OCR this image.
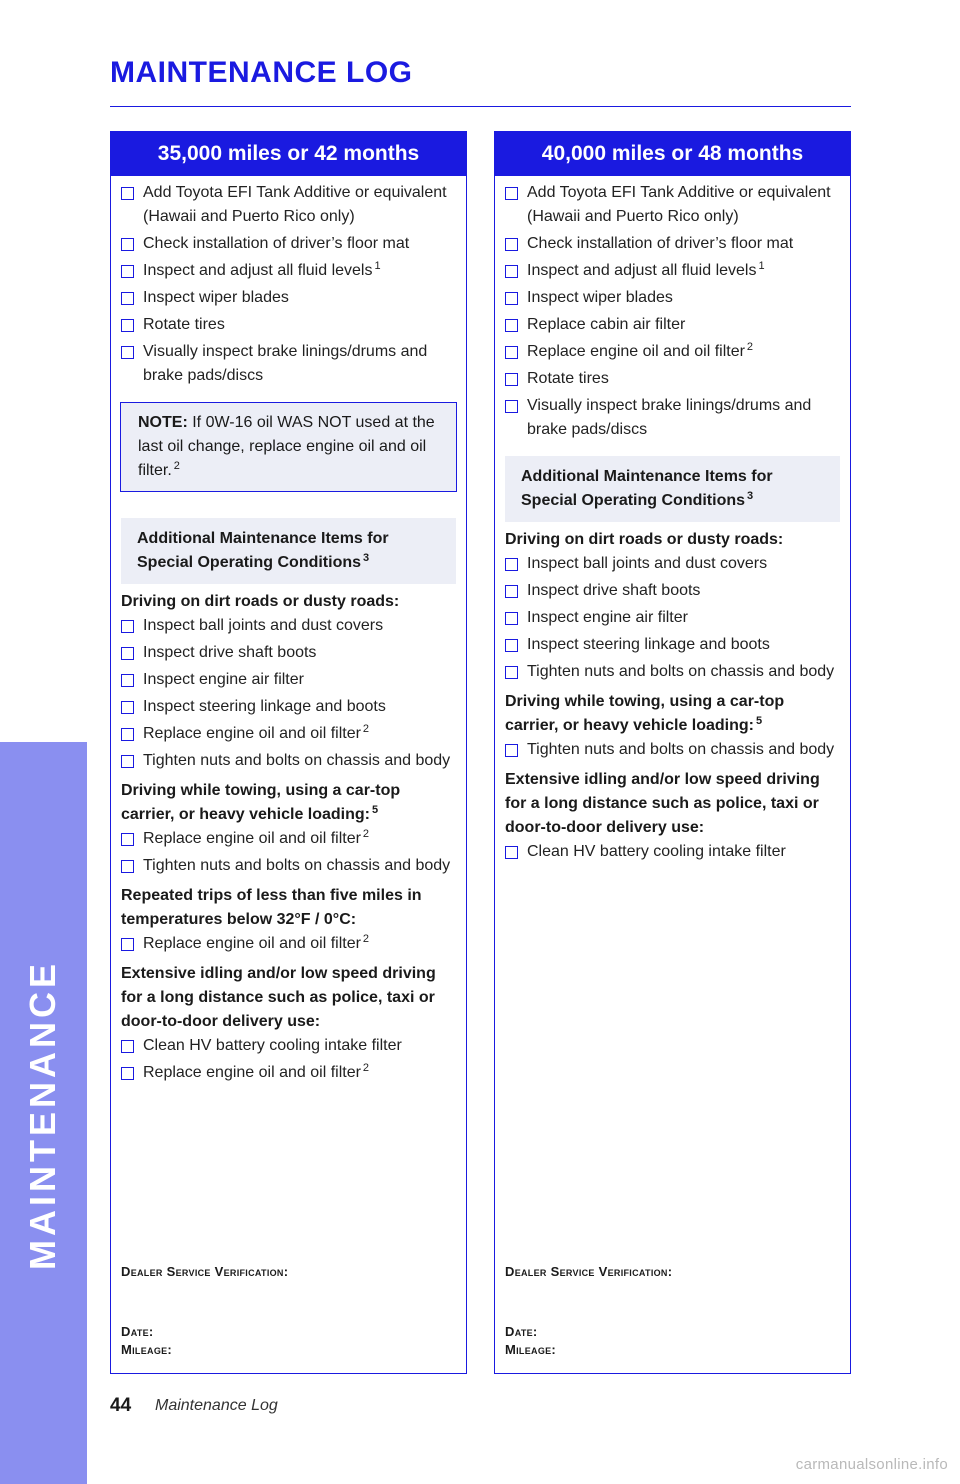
MAINTENANCE
MAINTENANCE LOG
35,000 miles or 42 months
Add Toyota EFI Tank Additive or equivalent (Hawaii and Puerto Rico only)
Check installation of driver’s floor mat
Inspect and adjust all fluid levels $^1$
Inspect wiper blades
Rotate tires
Visually inspect brake linings/drums and brake pads/discs
NOTE: If 0W-16 oil WAS NOT used at the last oil change, replace engine oil and oil filter. $^2$
Additional Maintenance Items for Special Operating Conditions $^3$
Driving on dirt roads or dusty roads:
Inspect ball joints and dust covers
Inspect drive shaft boots
Inspect engine air filter
Inspect steering linkage and boots
Replace engine oil and oil filter $^2$
Tighten nuts and bolts on chassis and body
Driving while towing, using a car-top carrier, or heavy vehicle loading: $^5$
Replace engine oil and oil filter $^2$
Tighten nuts and bolts on chassis and body
Repeated trips of less than five miles in temperatures below 32°F / 0°C:
Replace engine oil and oil filter $^2$
Extensive idling and/or low speed driving for a long distance such as police, taxi or door-to-door delivery use:
Clean HV battery cooling intake filter
Replace engine oil and oil filter $^2$
Dealer Service Verification:
Date:
Mileage:
40,000 miles or 48 months
Add Toyota EFI Tank Additive or equivalent (Hawaii and Puerto Rico only)
Check installation of driver’s floor mat
Inspect and adjust all fluid levels $^1$
Inspect wiper blades
Replace cabin air filter
Replace engine oil and oil filter $^2$
Rotate tires
Visually inspect brake linings/drums and brake pads/discs
Additional Maintenance Items for Special Operating Conditions $^3$
Driving on dirt roads or dusty roads:
Inspect ball joints and dust covers
Inspect drive shaft boots
Inspect engine air filter
Inspect steering linkage and boots
Tighten nuts and bolts on chassis and body
Driving while towing, using a car-top carrier, or heavy vehicle loading: $^5$
Tighten nuts and bolts on chassis and body
Extensive idling and/or low speed driving for a long distance such as police, taxi or door-to-door delivery use:
Clean HV battery cooling intake filter
Dealer Service Verification:
Date:
Mileage:
44 Maintenance Log
carmanualsonline.info
